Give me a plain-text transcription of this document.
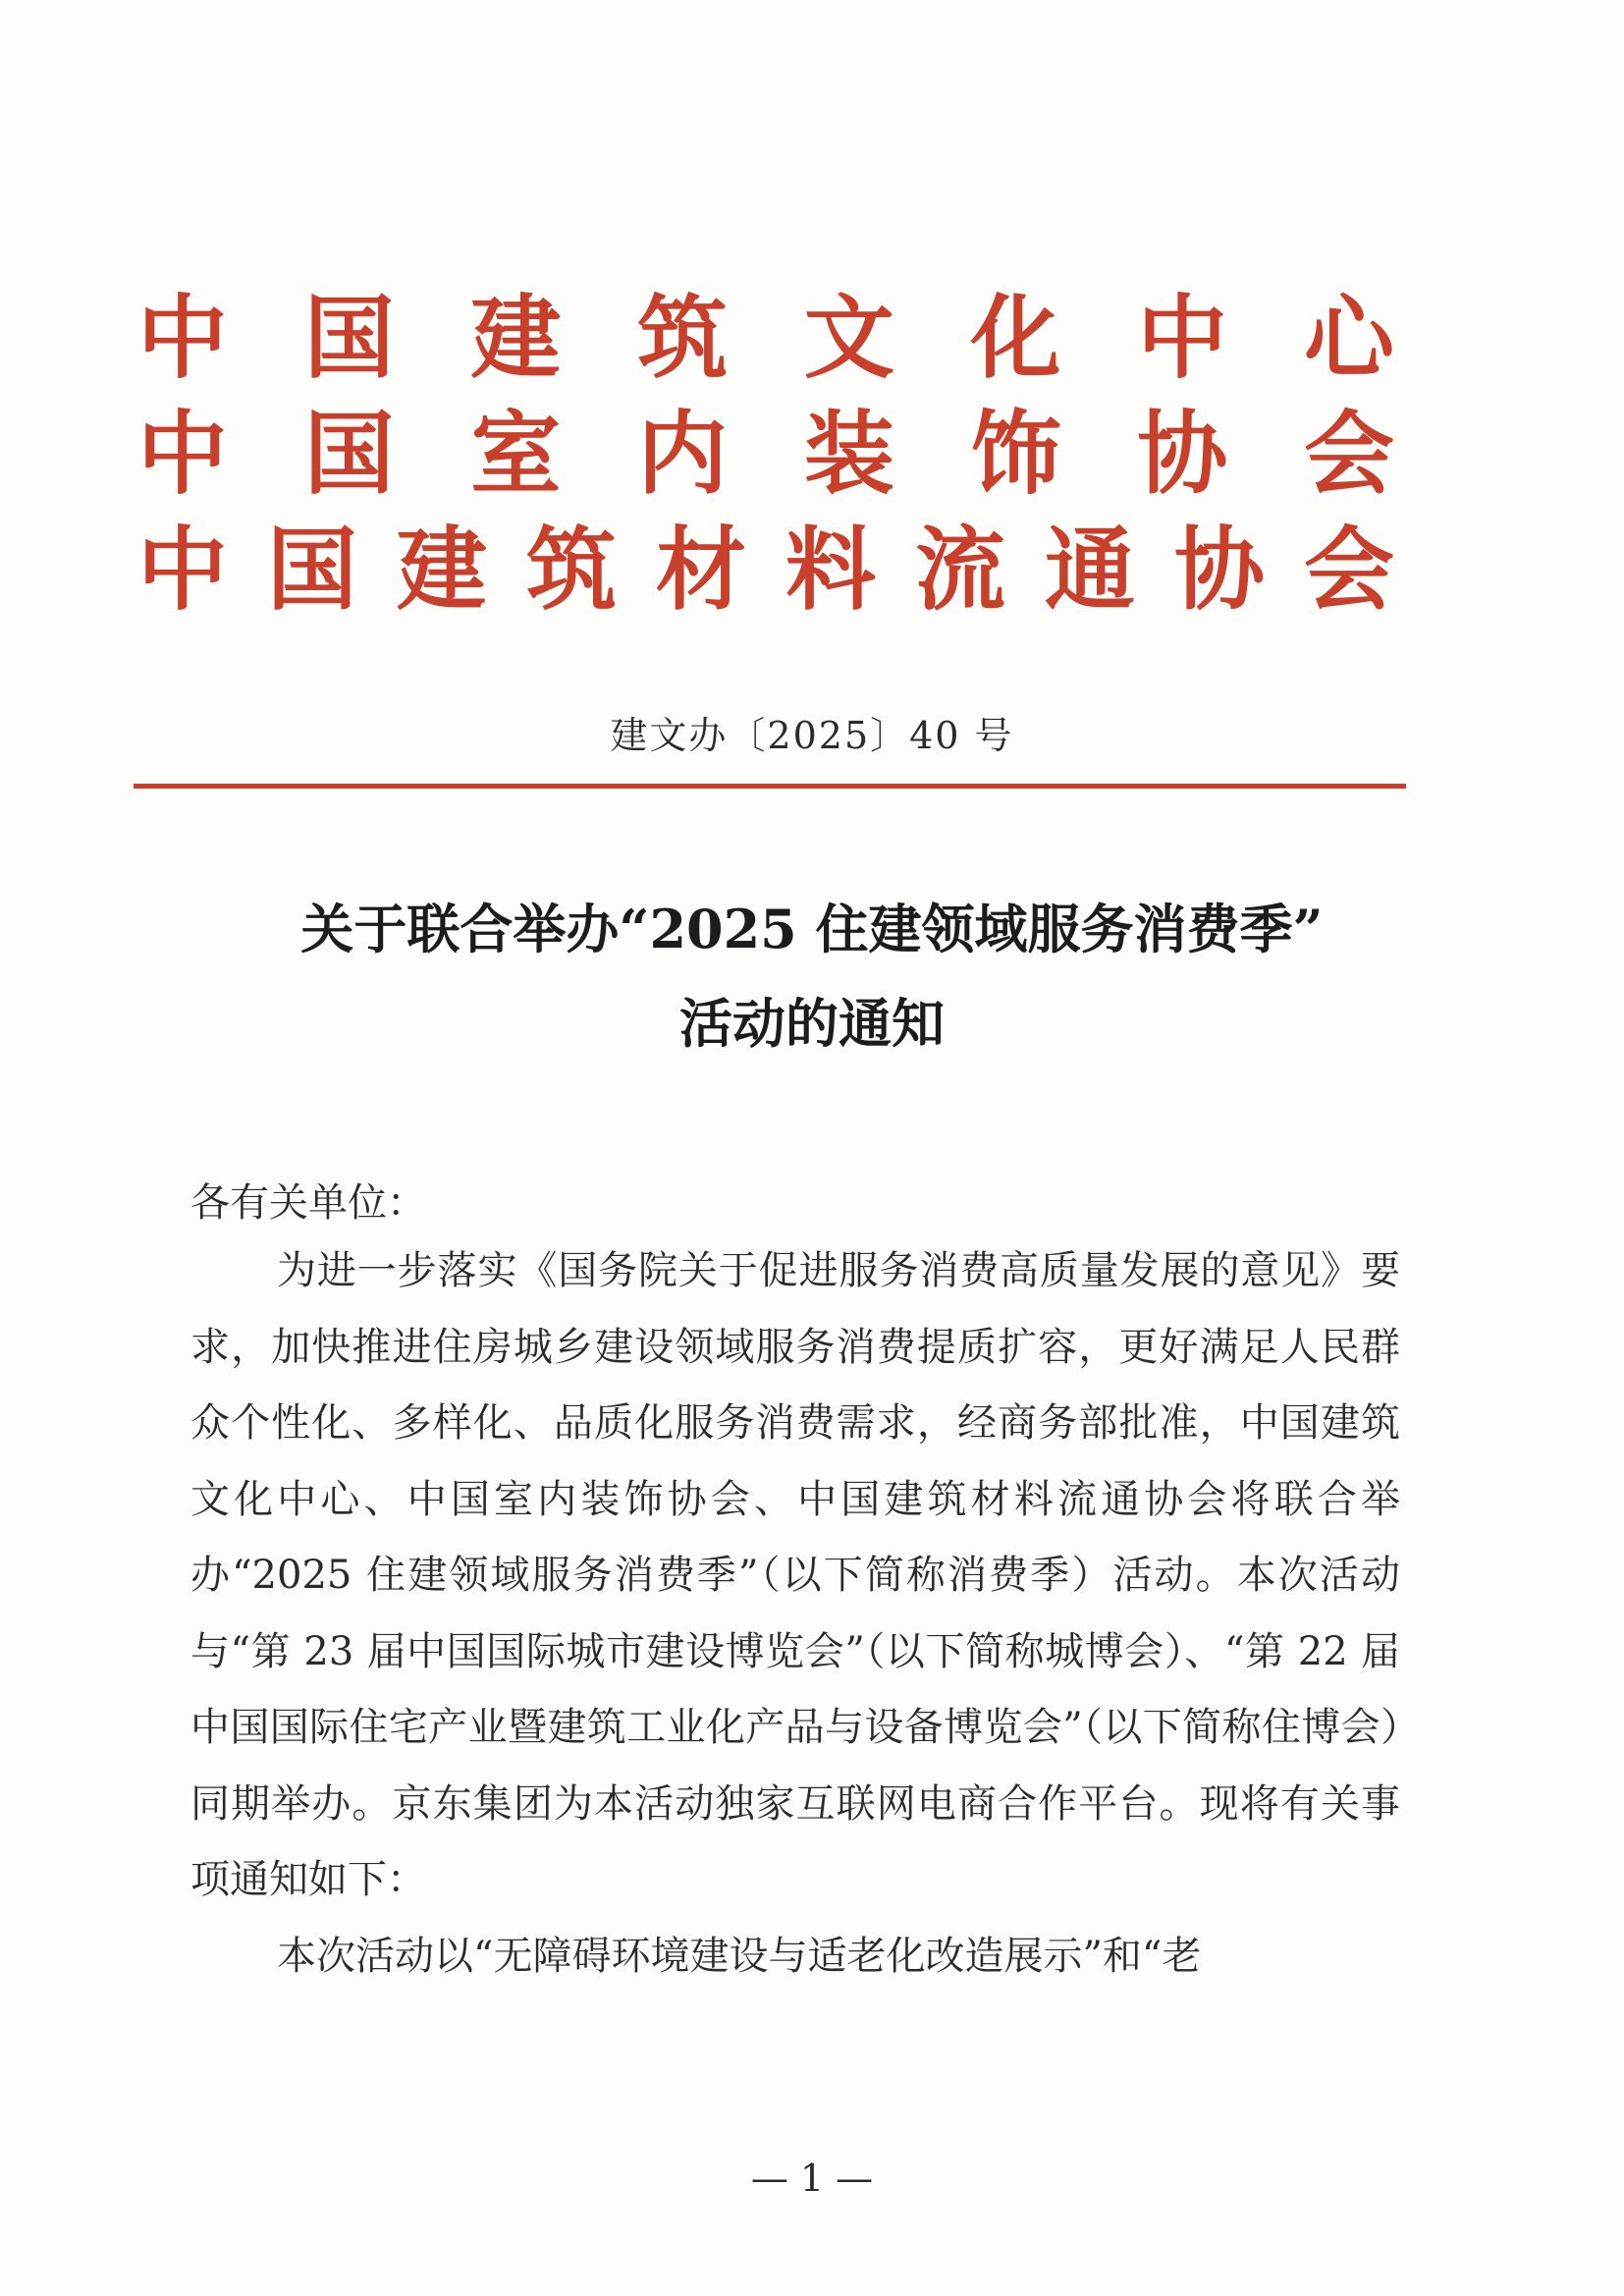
中国建筑文化中心
中国室内装饰协会
中国建筑材料流通协会
建文办〔2025〕40 号
关于联合举办“2025 住建领域服务消费季”
活动的通知
各有关单位：

为进一步落实《国务院关于促进服务消费高质量发展的意见》要求，加快推进住房城乡建设领域服务消费提质扩容，更好满足人民群众个性化、多样化、品质化服务消费需求，经商务部批准，中国建筑文化中心、中国室内装饰协会、中国建筑材料流通协会将联合举办“2025 住建领域服务消费季”（以下简称消费季）活动。本次活动与“第 23 届中国国际城市建设博览会”（以下简称城博会）、“第 22 届中国国际住宅产业暨建筑工业化产品与设备博览会”（以下简称住博会）同期举办。京东集团为本活动独家互联网电商合作平台。现将有关事项通知如下：

本次活动以“无障碍环境建设与适老化改造展示”和“老

— 1 —
